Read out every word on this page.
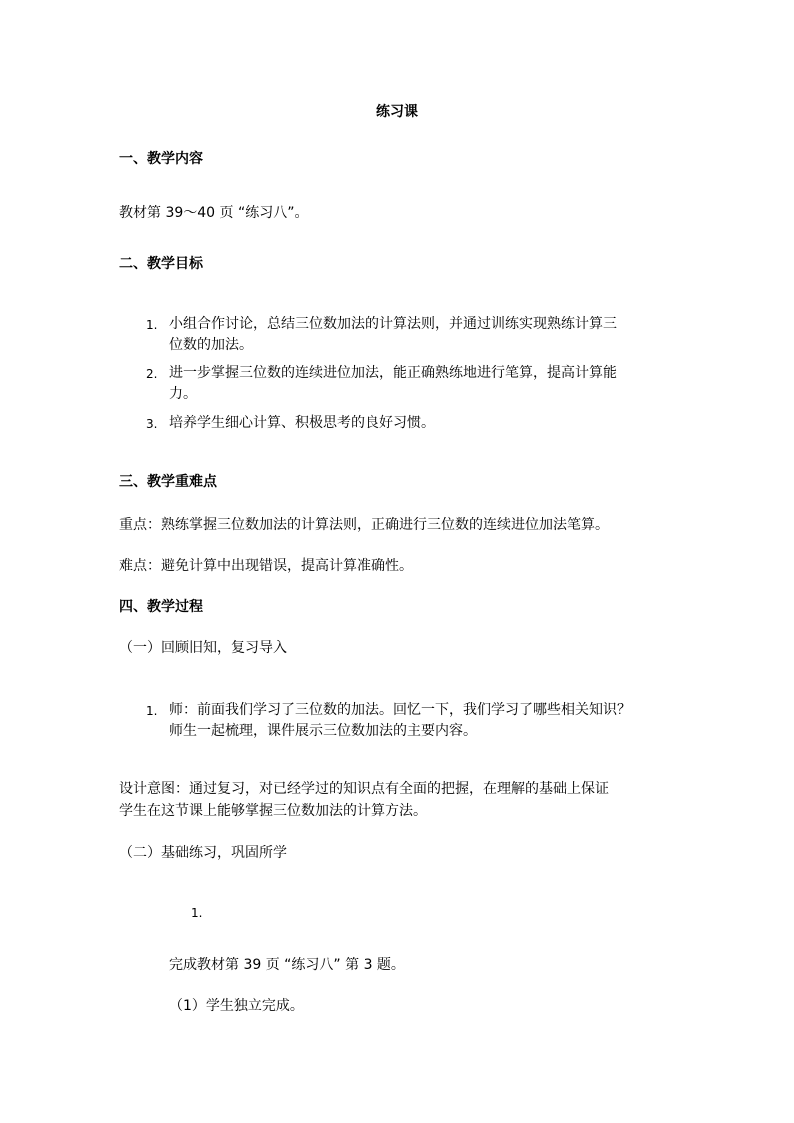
练习课
一、教学内容
教材第 39～40 页 “练习八”。
二、教学目标
1. 小组合作讨论，总结三位数加法的计算法则，并通过训练实现熟练计算三
位数的加法。
2. 进一步掌握三位数的连续进位加法，能正确熟练地进行笔算，提高计算能
力。
3. 培养学生细心计算、积极思考的良好习惯。
三、教学重难点
重点：熟练掌握三位数加法的计算法则，正确进行三位数的连续进位加法笔算。
难点：避免计算中出现错误，提高计算准确性。
四、教学过程
（一）回顾旧知，复习导入
1. 师：前面我们学习了三位数的加法。回忆一下，我们学习了哪些相关知识？
师生一起梳理，课件展示三位数加法的主要内容。
设计意图：通过复习，对已经学过的知识点有全面的把握，在理解的基础上保证
学生在这节课上能够掌握三位数加法的计算方法。
（二）基础练习，巩固所学
1.
完成教材第 39 页 “练习八” 第 3 题。
（1）学生独立完成。
